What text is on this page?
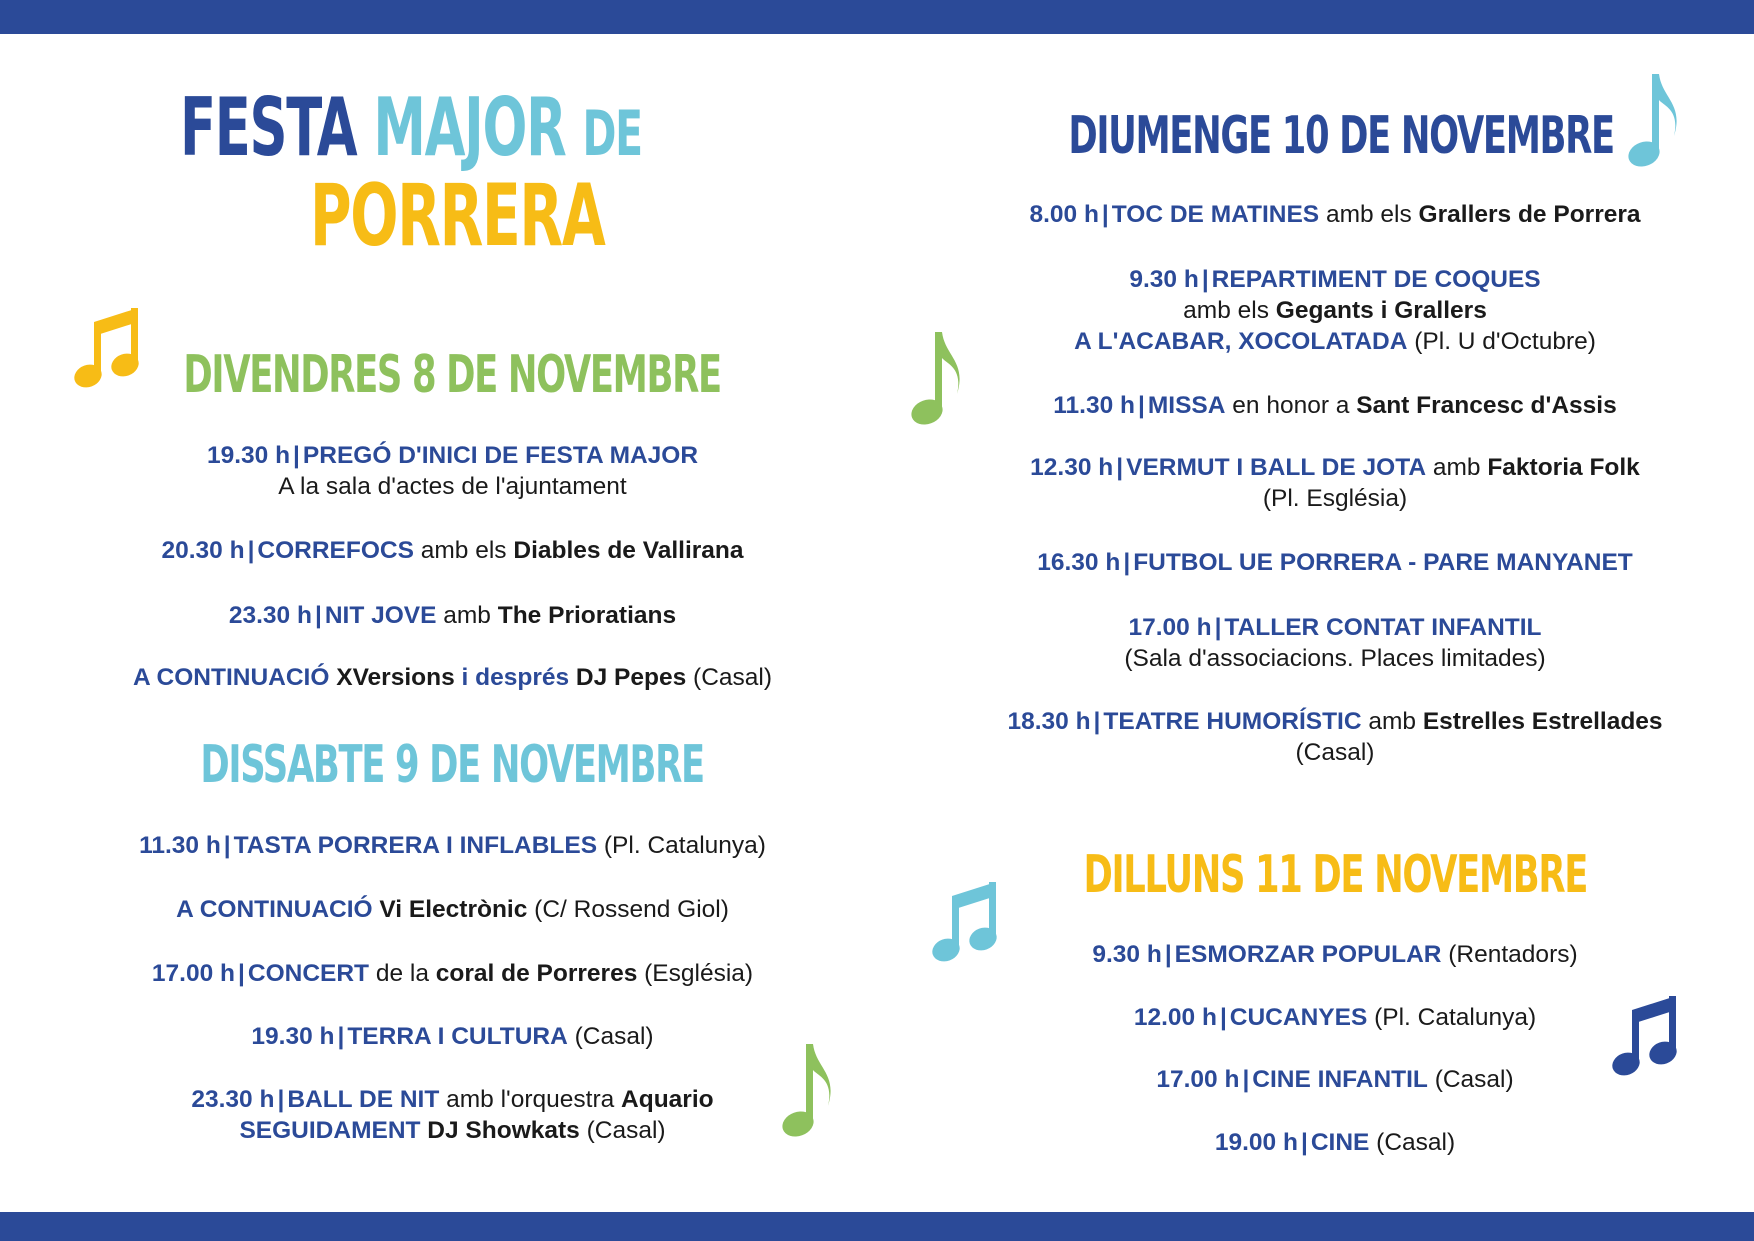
FESTA MAJOR DE
PORRERA
DIVENDRES 8 DE NOVEMBRE
19.30 h | PREGÓ D'INICI DE FESTA MAJOR
A la sala d'actes de l'ajuntament
20.30 h | CORREFOCS amb els Diables de Vallirana
23.30 h | NIT JOVE amb The Prioratians
A CONTINUACIÓ XVersions i després DJ Pepes (Casal)
DISSABTE 9 DE NOVEMBRE
11.30 h | TASTA PORRERA I INFLABLES (Pl. Catalunya)
A CONTINUACIÓ Vi Electrònic (C/ Rossend Giol)
17.00 h | CONCERT de la coral de Porreres (Església)
19.30 h | TERRA I CULTURA (Casal)
23.30 h | BALL DE NIT amb l'orquestra Aquario
SEGUIDAMENT DJ Showkats (Casal)
DIUMENGE 10 DE NOVEMBRE
8.00 h | TOC DE MATINES amb els Grallers de Porrera
9.30 h | REPARTIMENT DE COQUES
amb els Gegants i Grallers
A L'ACABAR, XOCOLATADA (Pl. U d'Octubre)
11.30 h | MISSA en honor a Sant Francesc d'Assis
12.30 h | VERMUT I BALL DE JOTA amb Faktoria Folk
(Pl. Església)
16.30 h | FUTBOL UE PORRERA - PARE MANYANET
17.00 h | TALLER CONTAT INFANTIL
(Sala d'associacions. Places limitades)
18.30 h | TEATRE HUMORÍSTIC amb Estrelles Estrellades
(Casal)
DILLUNS 11 DE NOVEMBRE
9.30 h | ESMORZAR POPULAR (Rentadors)
12.00 h | CUCANYES (Pl. Catalunya)
17.00 h | CINE INFANTIL (Casal)
19.00 h | CINE (Casal)
